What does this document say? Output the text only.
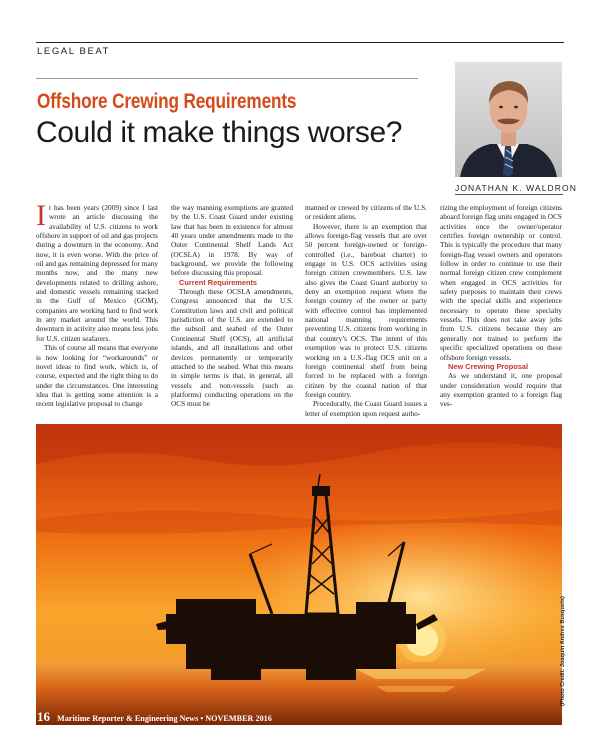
LEGAL BEAT
Offshore Crewing Requirements
Could it make things worse?
JONATHAN K. WALDRON

It has been years (2009) since I last wrote an article discussing the availability of U.S. citizens to work offshore in support of oil and gas projects during a downturn in the economy. And now, it is even worse. With the price of oil and gas remaining depressed for many months now, and the many new developments related to drilling ashore, and domestic vessels remaining stacked in the Gulf of Mexico (GOM), companies are working hard to find work in any market around the world. This downturn in activity also means less jobs for U.S. citizen seafarers.

This of course all means that everyone is now looking for “workarounds” or novel ideas to find work, which is, of course, expected and the right thing to do under the circumstances. One interesting idea that is getting some attention is a recent legislative proposal to change

the way manning exemptions are granted by the U.S. Coast Guard under existing law that has been in existence for almost 40 years under amendments made to the Outer Continental Shelf Lands Act (OCSLA) in 1978. By way of background, we provide the following before discussing this proposal.

Current Requirements

Through these OCSLA amendments, Congress announced that the U.S. Constitution laws and civil and political jurisdiction of the U.S. are extended to the subsoil and seabed of the Outer Continental Shelf (OCS), all artificial islands, and all installations and other devices permanently or temporarily attached to the seabed. What this means in simple terms is that, in general, all vessels and non-vessels (such as platforms) conducting operations on the OCS must be

manned or crewed by citizens of the U.S. or resident aliens.

However, there is an exemption that allows foreign-flag vessels that are over 50 percent foreign-owned or foreign-controlled (i.e., bareboat charter) to engage in U.S. OCS activities using foreign citizen crewmembers. U.S. law also gives the Coast Guard authority to deny an exemption request where the foreign country of the owner or party with effective control has implemented national manning requirements preventing U.S. citizens from working in that country’s OCS. The intent of this exemption was to protect U.S. citizens working on a U.S.-flag OCS unit on a foreign continental shelf from being forced to be replaced with a foreign citizen by the coastal nation of that foreign country.

Procedurally, the Coast Guard issues a letter of exemption upon request autho-

rizing the employment of foreign citizens aboard foreign flag units engaged in OCS activities once the owner/operator certifies foreign ownership or control. This is typically the procedure that many foreign-flag vessel owners and operators follow in order to continue to use their normal foreign citizen crew complement when engaged in OCS activities for safety purposes to maintain their crews with the special skills and experience necessary to operate these specialty vessels. This does not take away jobs from U.S. citizens because they are generally not trained to perform the specific specialized operations on these offshore foreign vessels.

New Crewing Proposal

As we understand it, one proposal under consideration would require that any exemption granted to a foreign flag ves-

(Photo Credit: Joaquin Andres Busquets)
16 Maritime Reporter & Engineering News • NOVEMBER 2016
